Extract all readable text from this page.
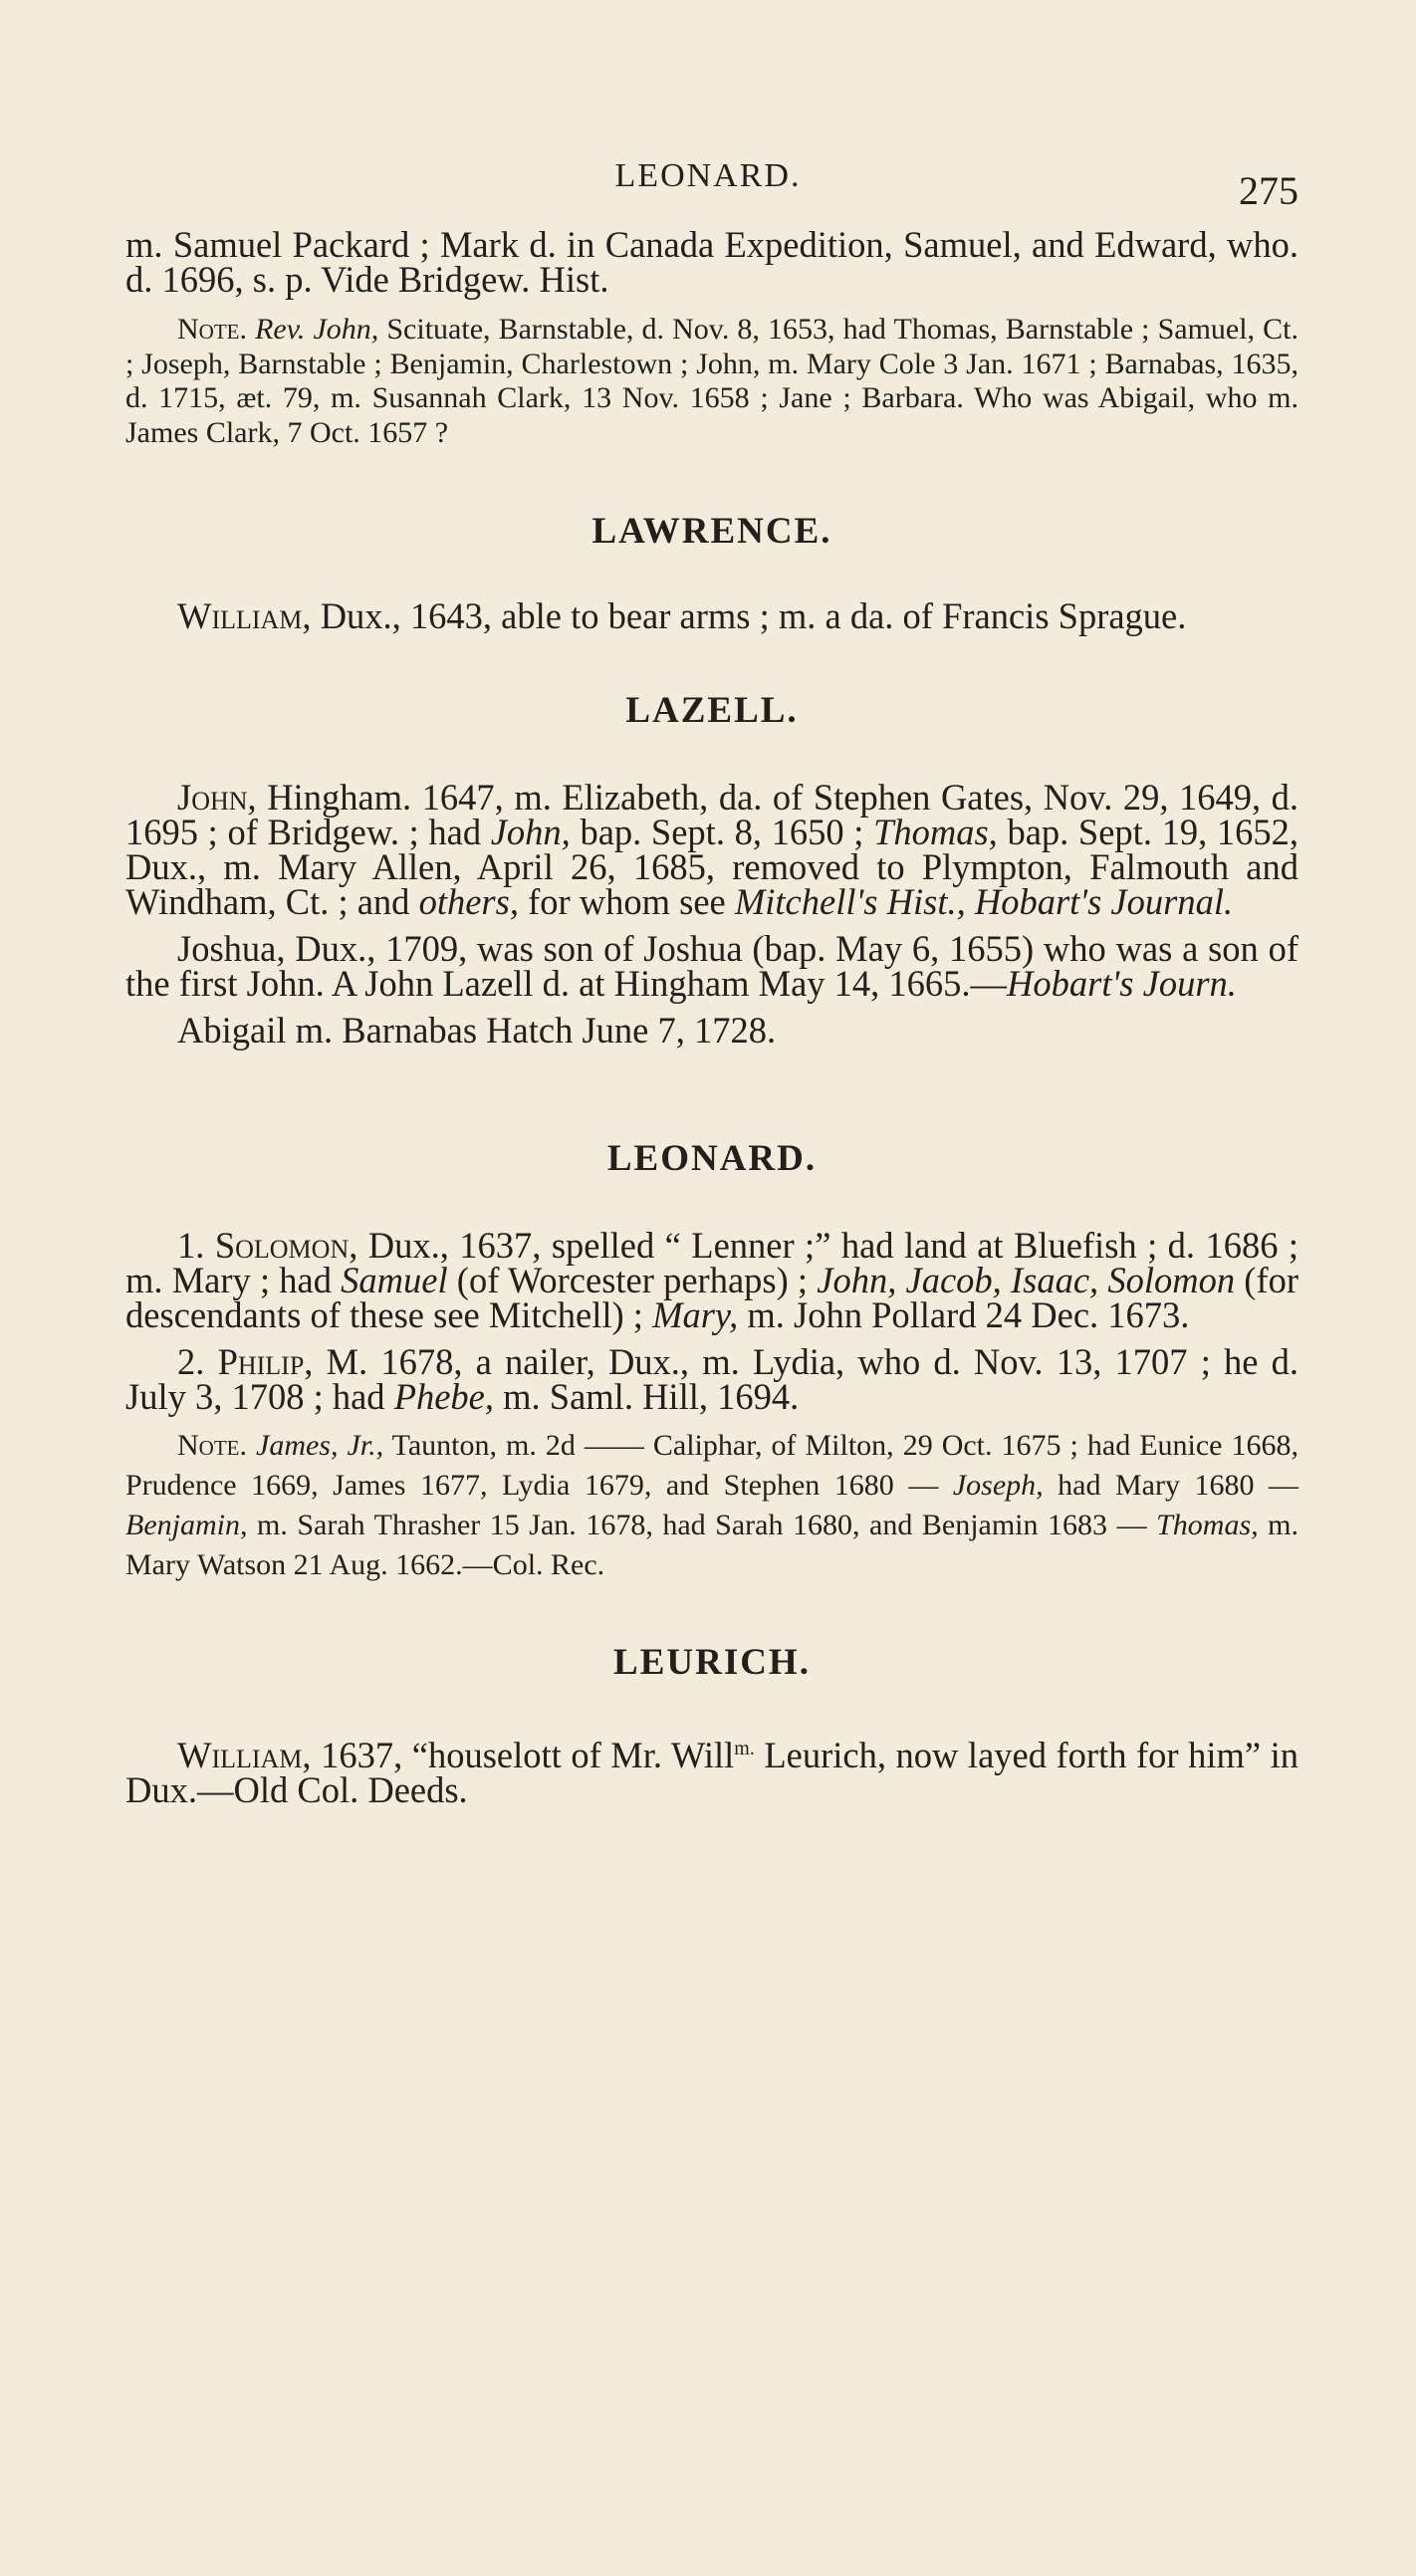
LEONARD.	275

m. Samuel Packard ; Mark d. in Canada Expedition, Samuel, and Edward, who. d. 1696, s. p. Vide Bridgew. Hist.

Note. Rev. John, Scituate, Barnstable, d. Nov. 8, 1653, had Thomas, Barnstable ; Samuel, Ct. ; Joseph, Barnstable ; Benjamin, Charlestown ; John, m. Mary Cole 3 Jan. 1671 ; Barnabas, 1635, d. 1715, æt. 79, m. Susannah Clark, 13 Nov. 1658 ; Jane ; Barbara. Who was Abigail, who m. James Clark, 7 Oct. 1657 ?

LAWRENCE.

William, Dux., 1643, able to bear arms ; m. a da. of Francis Sprague.

LAZELL.

John, Hingham. 1647, m. Elizabeth, da. of Stephen Gates, Nov. 29, 1649, d. 1695 ; of Bridgew. ; had John, bap. Sept. 8, 1650 ; Thomas, bap. Sept. 19, 1652, Dux., m. Mary Allen, April 26, 1685, removed to Plympton, Falmouth and Windham, Ct. ; and others, for whom see Mitchell's Hist., Hobart's Journal.

Joshua, Dux., 1709, was son of Joshua (bap. May 6, 1655) who was a son of the first John. A John Lazell d. at Hingham May 14, 1665.—Hobart's Journ.

Abigail m. Barnabas Hatch June 7, 1728.

LEONARD.

1. Solomon, Dux., 1637, spelled “ Lenner ;” had land at Bluefish ; d. 1686 ; m. Mary ; had Samuel (of Worcester perhaps) ; John, Jacob, Isaac, Solomon (for descendants of these see Mitchell) ; Mary, m. John Pollard 24 Dec. 1673.

2. Philip, M. 1678, a nailer, Dux., m. Lydia, who d. Nov. 13, 1707 ; he d. July 3, 1708 ; had Phebe, m. Saml. Hill, 1694.

Note. James, Jr., Taunton, m. 2d —— Caliphar, of Milton, 29 Oct. 1675 ; had Eunice 1668, Prudence 1669, James 1677, Lydia 1679, and Stephen 1680 — Joseph, had Mary 1680 — Benjamin, m. Sarah Thrasher 15 Jan. 1678, had Sarah 1680, and Benjamin 1683 — Thomas, m. Mary Watson 21 Aug. 1662.—Col. Rec.

LEURICH.

William, 1637, “houselott of Mr. Will$^{m.}$ Leurich, now layed forth for him” in Dux.—Old Col. Deeds.
